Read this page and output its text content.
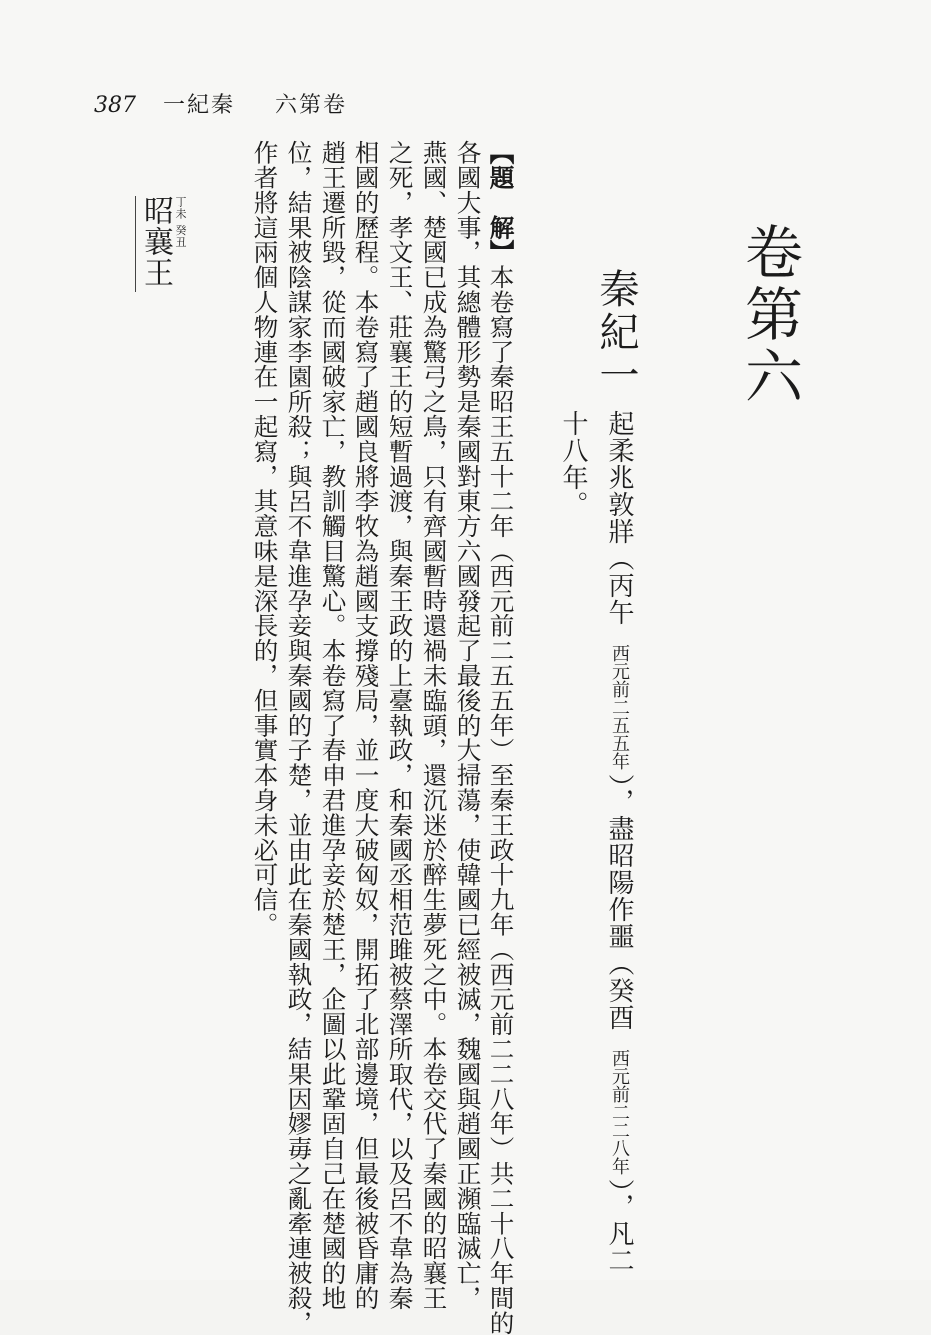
387 一紀秦 六第卷
卷第六
秦紀一
起柔兆敦牂（丙午西元前二五五年），盡昭陽作噩（癸酉西元前二二八年），凡二
十八年。
【題　解】本卷寫了秦昭王五十二年（西元前二五五年）至秦王政十九年（西元前二二八年）共二十八年間的
各國大事，其總體形勢是秦國對東方六國發起了最後的大掃蕩，使韓國已經被滅，魏國與趙國正瀕臨滅亡，
燕國、楚國已成為驚弓之鳥，只有齊國暫時還禍未臨頭，還沉迷於醉生夢死之中。本卷交代了秦國的昭襄王
之死，孝文王、莊襄王的短暫過渡，與秦王政的上臺執政，和秦國丞相范雎被蔡澤所取代，以及呂不韋為秦
相國的歷程。本卷寫了趙國良將李牧為趙國支撐殘局，並一度大破匈奴，開拓了北部邊境，但最後被昏庸的
趙王遷所毀，從而國破家亡，教訓觸目驚心。本卷寫了春申君進孕妾於楚王，企圖以此鞏固自己在楚國的地
位，結果被陰謀家李園所殺；與呂不韋進孕妾與秦國的子楚，並由此在秦國執政，結果因嫪毐之亂牽連被殺，
作者將這兩個人物連在一起寫，其意味是深長的，但事實本身未必可信。
昭襄王 丁未 癸丑
